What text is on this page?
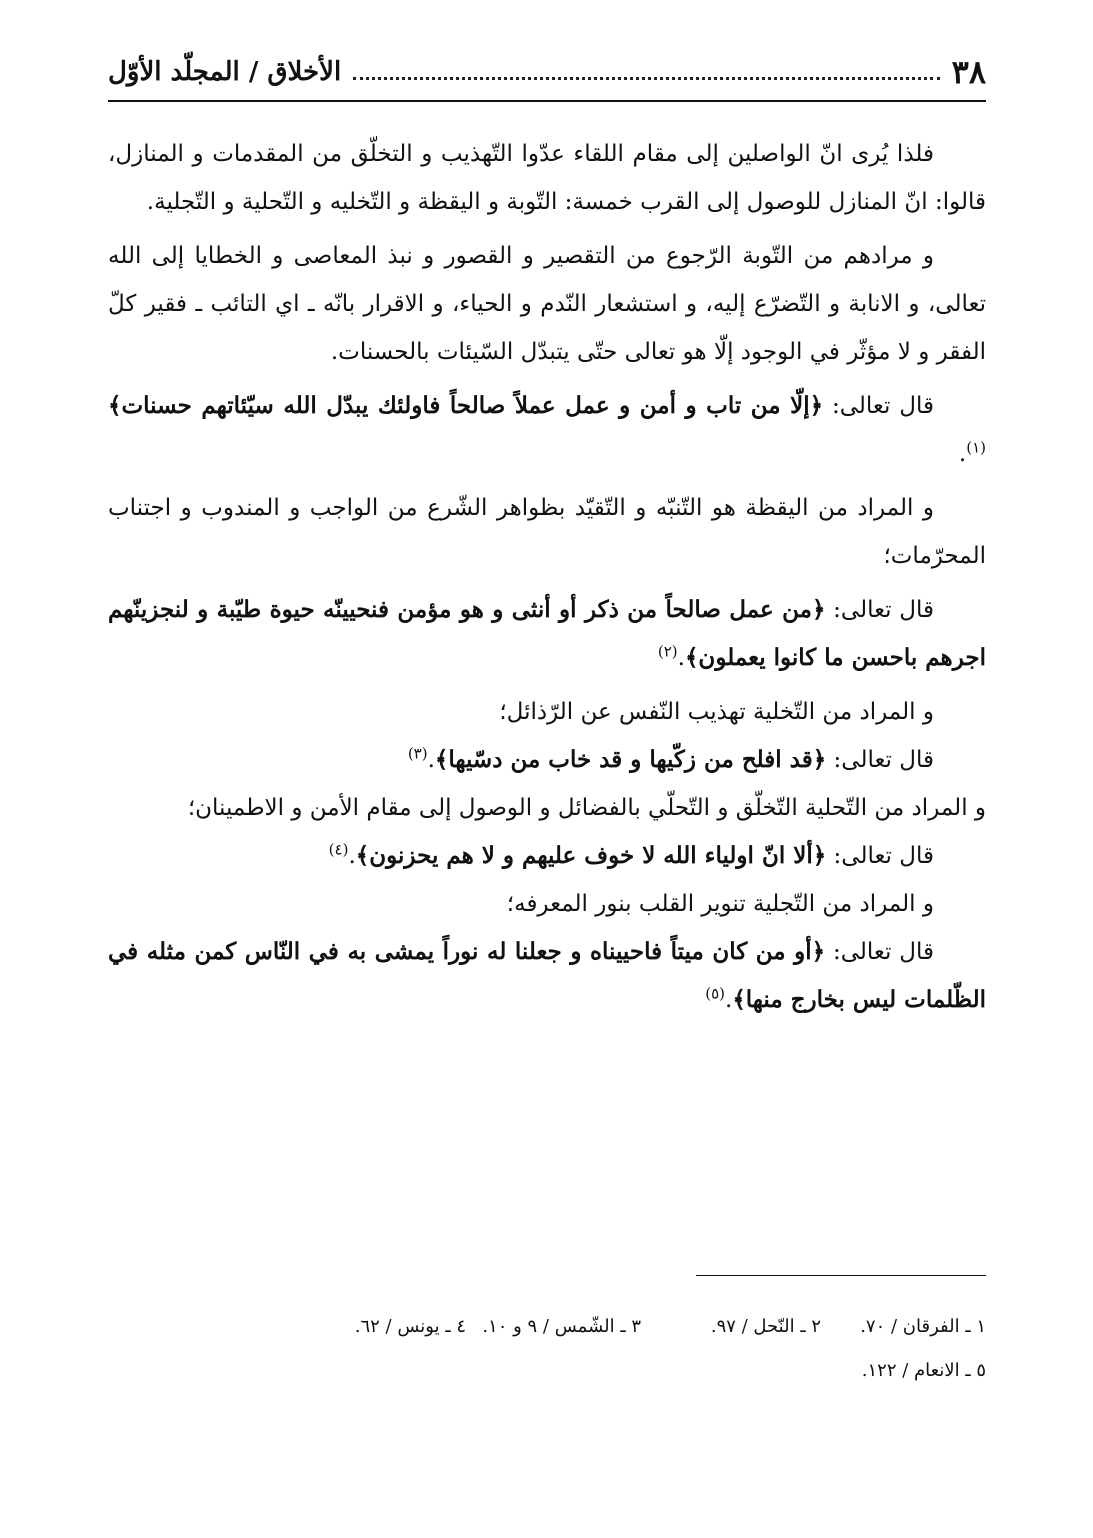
٣٨
الأخلاق / المجلّد الأوّل

فلذا يُرى انّ الواصلين إلى مقام اللقاء عدّوا التّهذيب و التخلّق من المقدمات و المنازل، قالوا: انّ المنازل للوصول إلى القرب خمسة: التّوبة و اليقظة و التّخليه و التّحلية و التّجلية.

و مرادهم من التّوبة الرّجوع من التقصير و القصور و نبذ المعاصى و الخطايا إلى الله تعالى، و الانابة و التّضرّع إليه، و استشعار النّدم و الحياء، و الاقرار بانّه ـ اي التائب ـ فقير كلّ الفقر و لا مؤثّر في الوجود إلّا هو تعالى حتّى يتبدّل السّيئات بالحسنات.

قال تعالى: ﴿إلّا من تاب و أمن و عمل عملاً صالحاً فاولئك يبدّل الله سيّئاتهم حسنات﴾$^{(١)}$.

و المراد من اليقظة هو التّنبّه و التّقيّد بظواهر الشّرع من الواجب و المندوب و اجتناب المحرّمات؛

قال تعالى: ﴿من عمل صالحاً من ذكر أو أنثى و هو مؤمن فنحيينّه حيوة طيّبة و لنجزينّهم اجرهم باحسن ما كانوا يعملون﴾.$^{(٢)}$

و المراد من التّخلية تهذيب النّفس عن الرّذائل؛

قال تعالى: ﴿قد افلح من زكّيها و قد خاب من دسّيها﴾.$^{(٣)}$

و المراد من التّحلية التّخلّق و التّحلّي بالفضائل و الوصول إلى مقام الأمن و الاطمينان؛

قال تعالى: ﴿ألا انّ اولياء الله لا خوف عليهم و لا هم يحزنون﴾.$^{(٤)}$

و المراد من التّجلية تنوير القلب بنور المعرفه؛

قال تعالى: ﴿أو من كان ميتاً فاحييناه و جعلنا له نوراً يمشى به في النّاس كمن مثله في الظّلمات ليس بخارج منها﴾.$^{(٥)}$

١ ـ الفرقان / ٧٠.
٢ ـ النّحل / ٩٧.
٣ ـ الشّمس / ٩ و ١٠.
٤ ـ يونس / ٦٢.
٥ ـ الانعام / ١٢٢.
